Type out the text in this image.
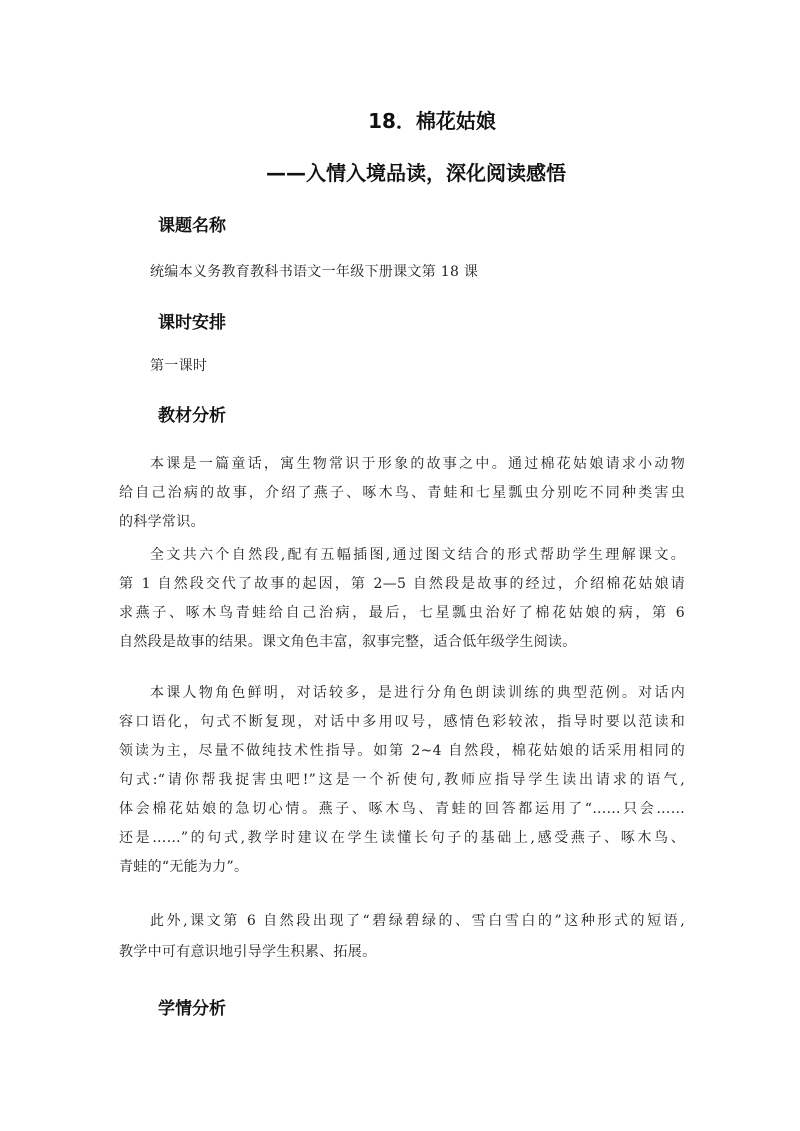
18．棉花姑娘
——入情入境品读，深化阅读感悟
课题名称

统编本义务教育教科书语文一年级下册课文第 18 课

课时安排

第一课时

教材分析

本课是一篇童话，寓生物常识于形象的故事之中。通过棉花姑娘请求小动物

给自己治病的故事，介绍了燕子、啄木鸟、青蛙和七星瓢虫分别吃不同种类害虫

的科学常识。

全文共六个自然段,配有五幅插图,通过图文结合的形式帮助学生理解课文。

第 1 自然段交代了故事的起因，第 2—5 自然段是故事的经过，介绍棉花姑娘请

求燕子、啄木鸟青蛙给自己治病，最后，七星瓢虫治好了棉花姑娘的病，第 6

自然段是故事的结果。课文角色丰富，叙事完整，适合低年级学生阅读。

本课人物角色鲜明，对话较多，是进行分角色朗读训练的典型范例。对话内

容口语化，句式不断复现，对话中多用叹号，感情色彩较浓，指导时要以范读和

领读为主，尽量不做纯技术性指导。如第 2~4 自然段，棉花姑娘的话采用相同的

句式:“请你帮我捉害虫吧!”这是一个祈使句,教师应指导学生读出请求的语气,

体会棉花姑娘的急切心情。燕子、啄木鸟、青蛙的回答都运用了“……只会……

还是……”的句式,教学时建议在学生读懂长句子的基础上,感受燕子、啄木鸟、

青蛙的“无能为力”。

此外,课文第 6 自然段出现了“碧绿碧绿的、雪白雪白的”这种形式的短语,

教学中可有意识地引导学生积累、拓展。

学情分析
